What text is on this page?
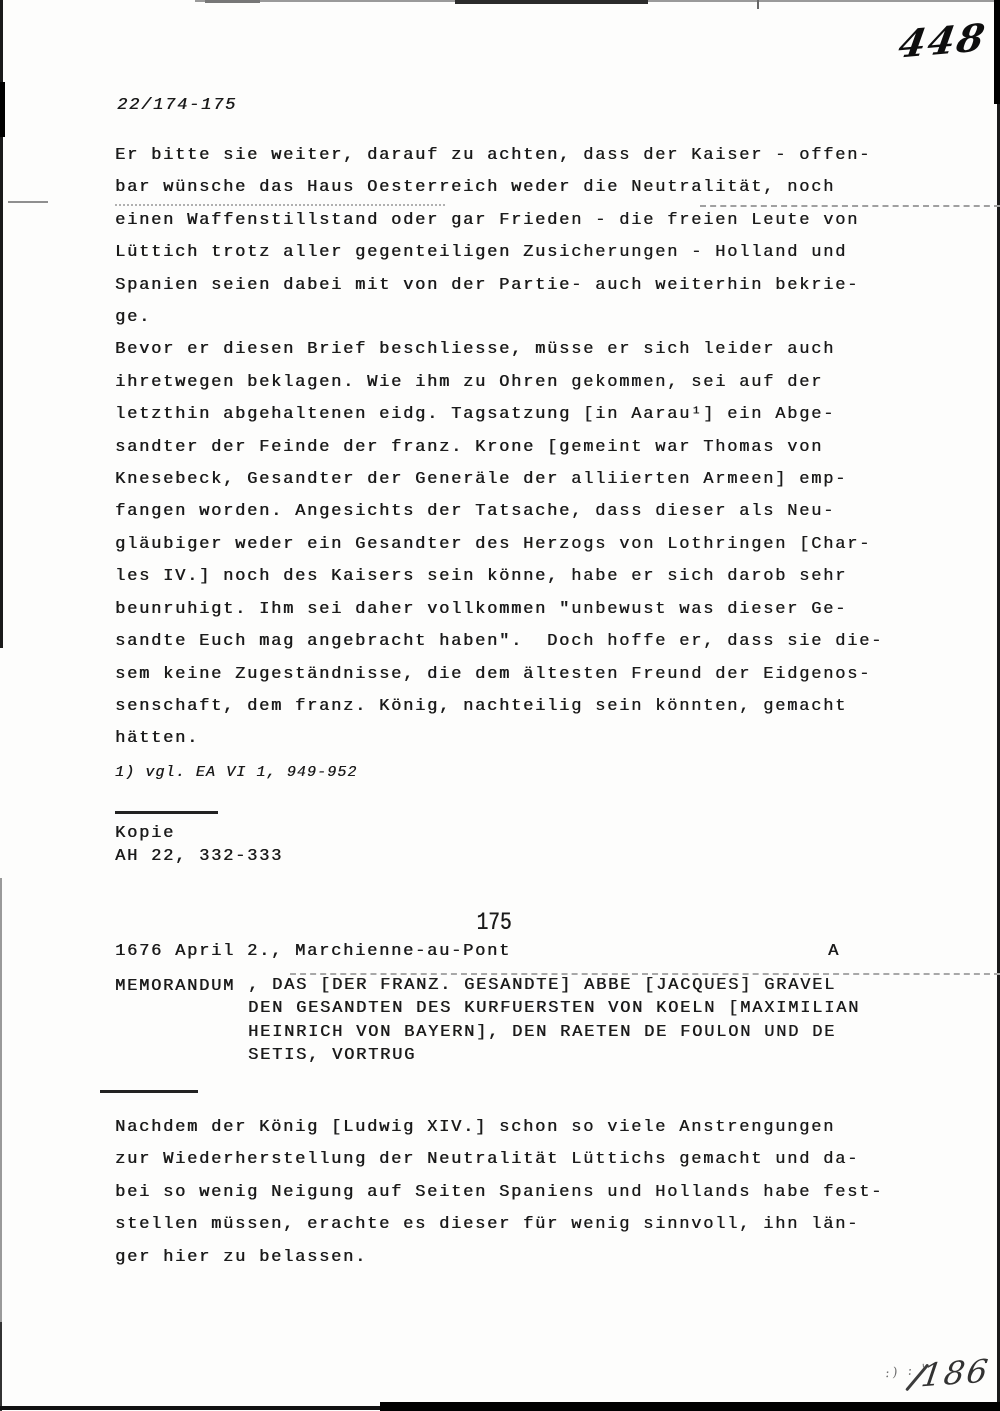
448
22/174-175
Er bitte sie weiter, darauf zu achten, dass der Kaiser - offen-
bar wünsche das Haus Oesterreich weder die Neutralität, noch
einen Waffenstillstand oder gar Frieden - die freien Leute von
Lüttich trotz aller gegenteiligen Zusicherungen - Holland und
Spanien seien dabei mit von der Partie- auch weiterhin bekrie-
ge.
Bevor er diesen Brief beschliesse, müsse er sich leider auch
ihretwegen beklagen. Wie ihm zu Ohren gekommen, sei auf der
letzthin abgehaltenen eidg. Tagsatzung [in Aarau¹] ein Abge-
sandter der Feinde der franz. Krone [gemeint war Thomas von
Knesebeck, Gesandter der Generäle der alliierten Armeen] emp-
fangen worden. Angesichts der Tatsache, dass dieser als Neu-
gläubiger weder ein Gesandter des Herzogs von Lothringen [Char-
les IV.] noch des Kaisers sein könne, habe er sich darob sehr
beunruhigt. Ihm sei daher vollkommen "unbewust was dieser Ge-
sandte Euch mag angebracht haben".  Doch hoffe er, dass sie die-
sem keine Zugeständnisse, die dem ältesten Freund der Eidgenos-
senschaft, dem franz. König, nachteilig sein könnten, gemacht
hätten.
1) vgl. EA VI 1, 949-952
Kopie
AH 22, 332-333
175
1676 April 2., Marchienne-au-Pont	A
MEMORANDUM , DAS [DER FRANZ. GESANDTE] ABBE [JACQUES] GRAVEL
DEN GESANDTEN DES KURFUERSTEN VON KOELN [MAXIMILIAN
HEINRICH VON BAYERN], DEN RAETEN DE FOULON UND DE
SETIS, VORTRUG
Nachdem der König [Ludwig XIV.] schon so viele Anstrengungen
zur Wiederherstellung der Neutralität Lüttichs gemacht und da-
bei so wenig Neigung auf Seiten Spaniens und Hollands habe fest-
stellen müssen, erachte es dieser für wenig sinnvoll, ihn län-
ger hier zu belassen.
:) : '
186
